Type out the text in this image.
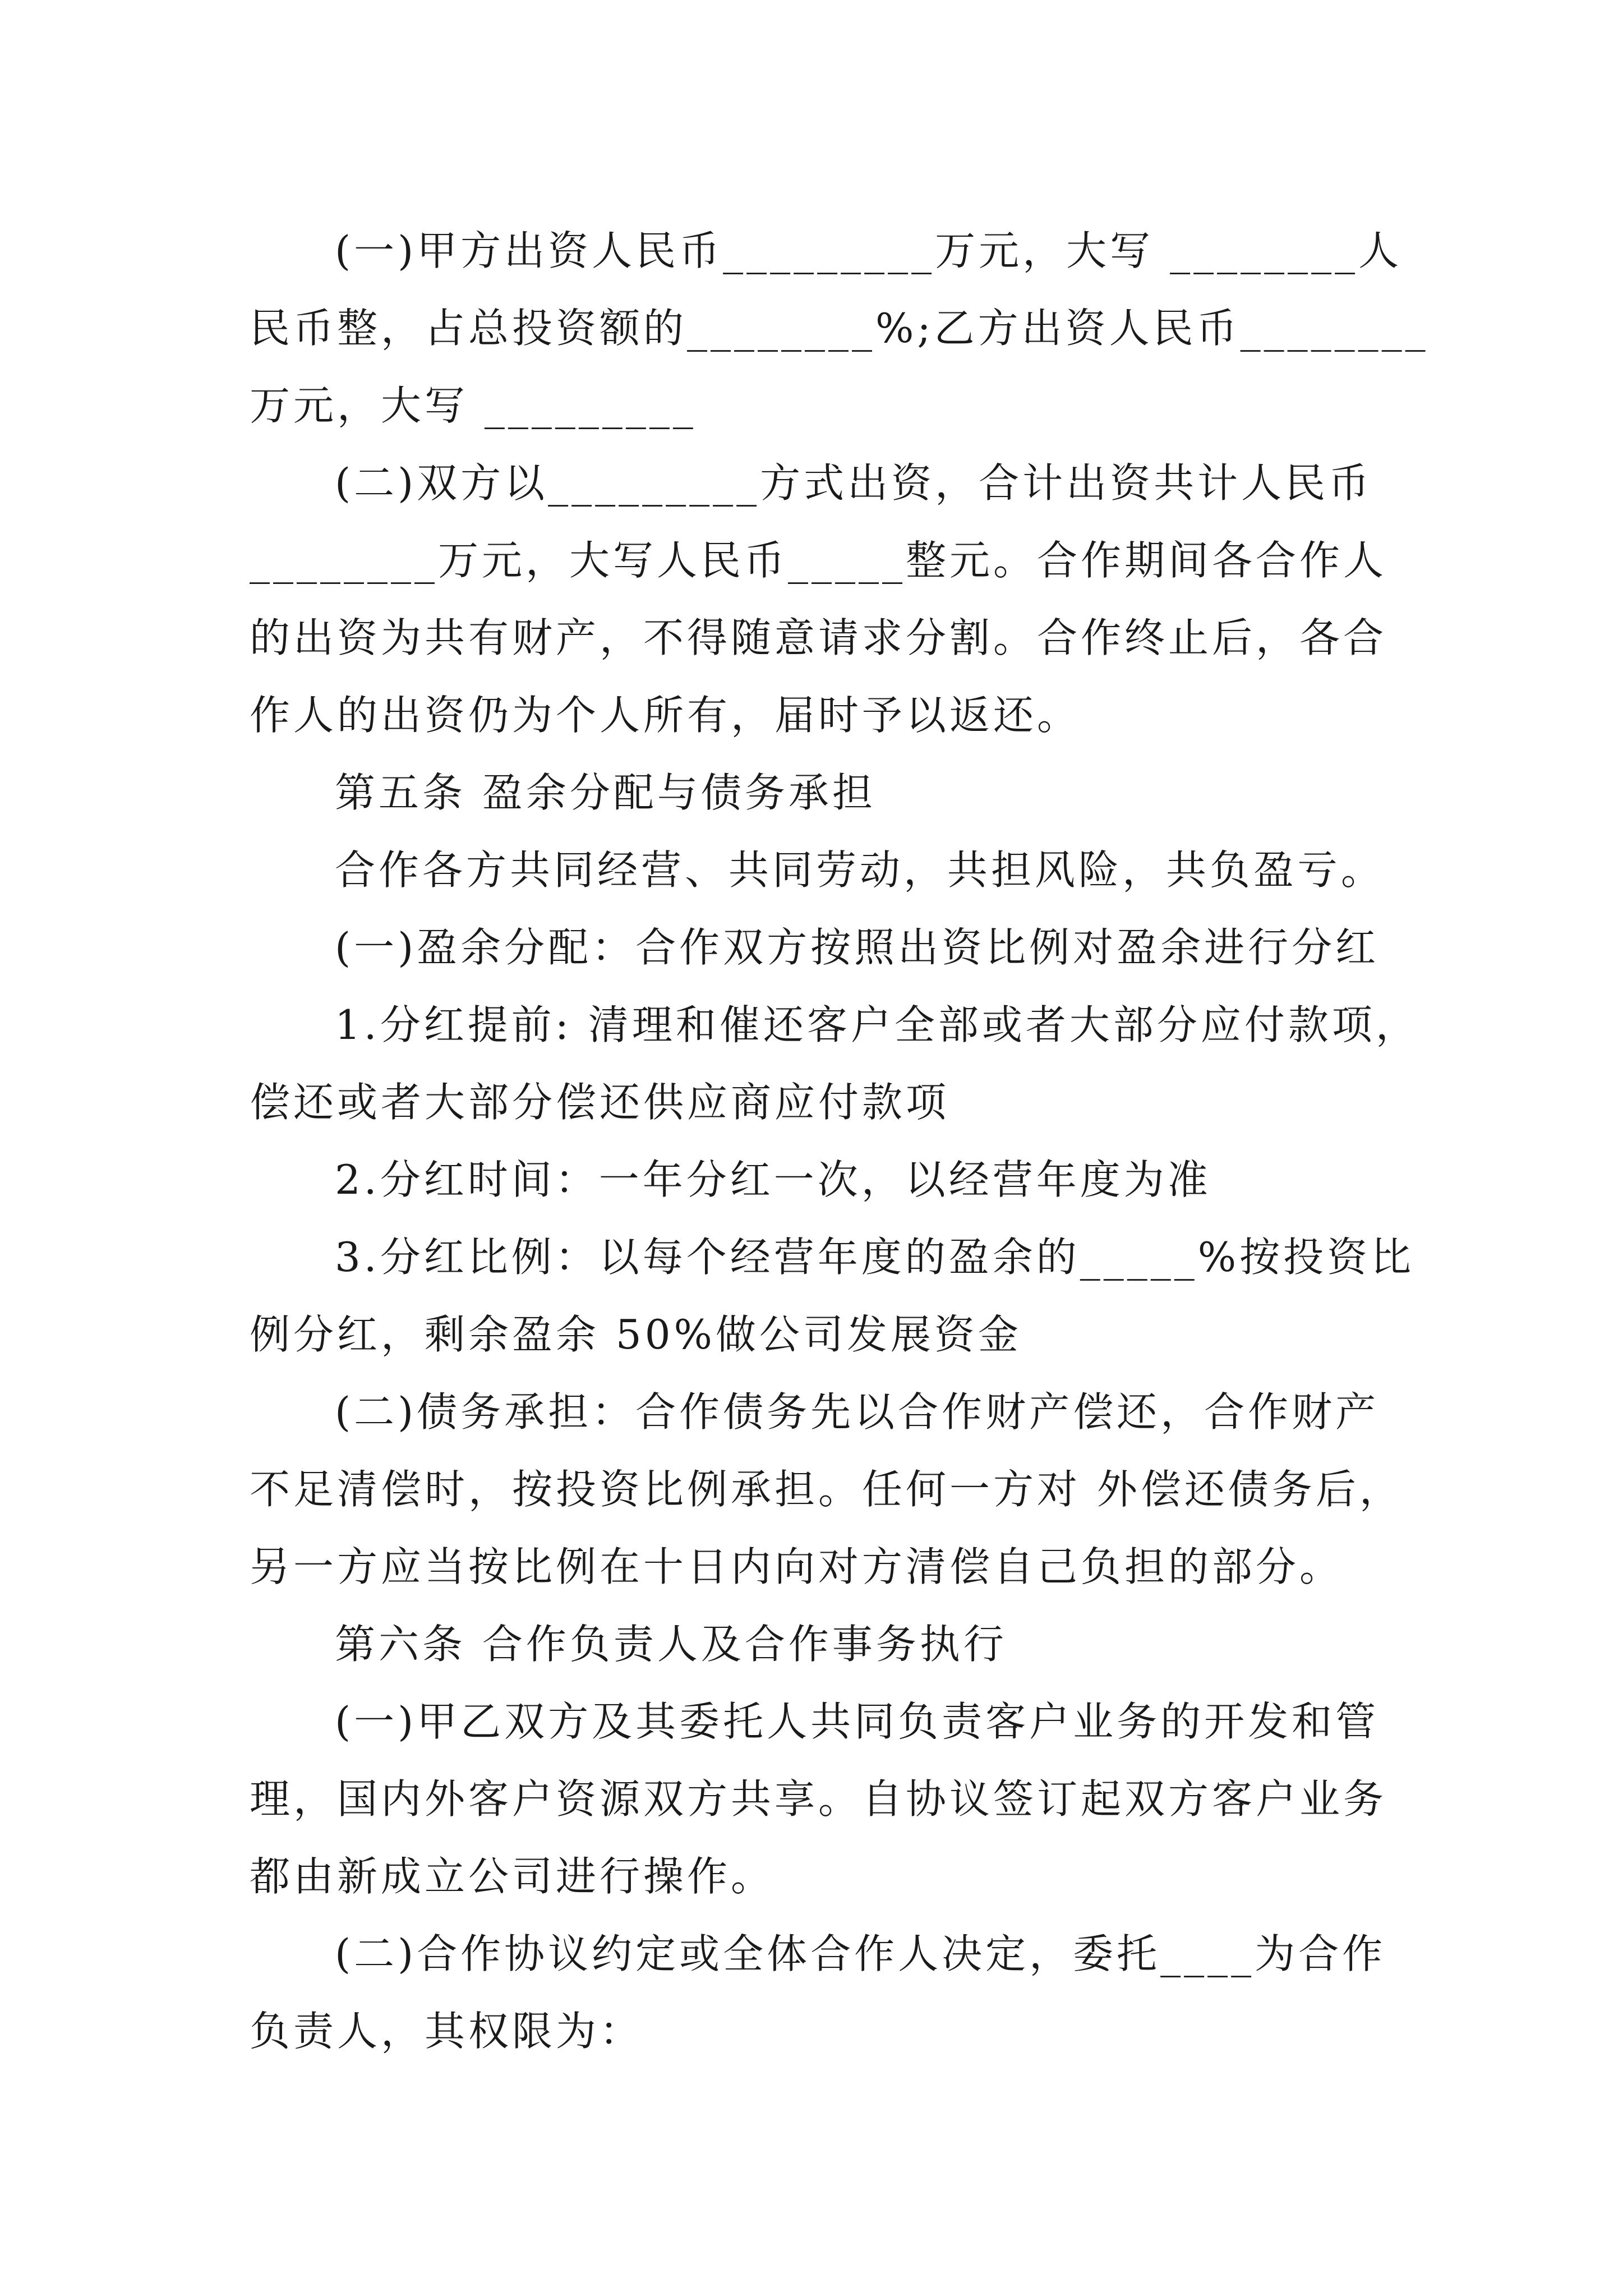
(一)甲方出资人民币_________万元，大写 ________人
民币整，占总投资额的________%;乙方出资人民币________
万元，大写 _________
(二)双方以_________方式出资，合计出资共计人民币
________万元，大写人民币_____整元。合作期间各合作人
的出资为共有财产，不得随意请求分割。合作终止后，各合
作人的出资仍为个人所有，届时予以返还。
第五条 盈余分配与债务承担
合作各方共同经营、共同劳动，共担风险，共负盈亏。
(一)盈余分配：合作双方按照出资比例对盈余进行分红
1.分红提前: 清理和催还客户全部或者大部分应付款项，
偿还或者大部分偿还供应商应付款项
2.分红时间：一年分红一次，以经营年度为准
3.分红比例：以每个经营年度的盈余的_____%按投资比
例分红，剩余盈余 50%做公司发展资金
(二)债务承担：合作债务先以合作财产偿还，合作财产
不足清偿时，按投资比例承担。任何一方对 外偿还债务后，
另一方应当按比例在十日内向对方清偿自己负担的部分。
第六条 合作负责人及合作事务执行
(一)甲乙双方及其委托人共同负责客户业务的开发和管
理，国内外客户资源双方共享。自协议签订起双方客户业务
都由新成立公司进行操作。
(二)合作协议约定或全体合作人决定，委托____为合作
负责人，其权限为：
